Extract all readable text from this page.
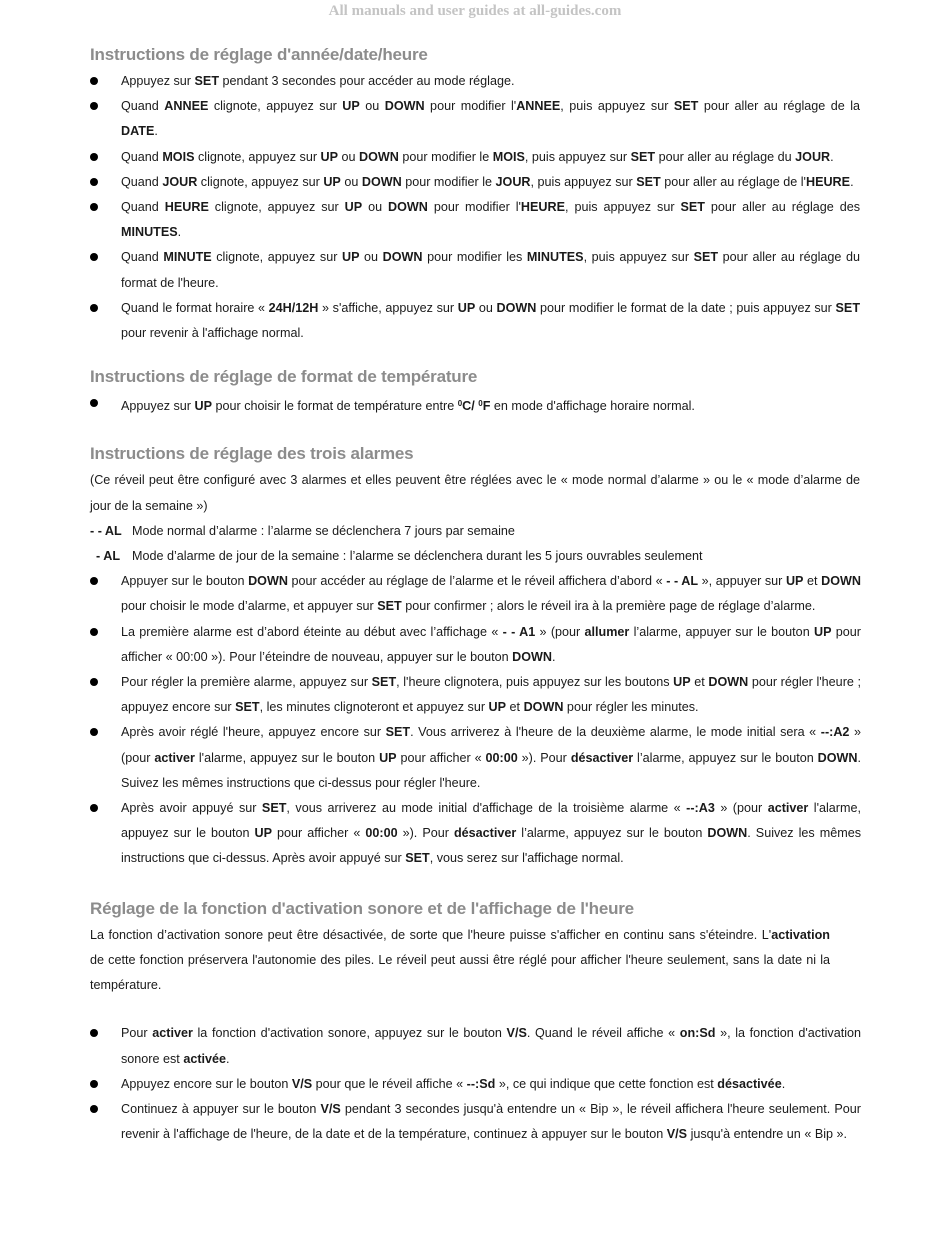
All manuals and user guides at all-guides.com
Instructions de réglage d'année/date/heure
Appuyez sur SET pendant 3 secondes pour accéder au mode réglage.
Quand ANNEE clignote, appuyez sur UP ou DOWN pour modifier l'ANNEE, puis appuyez sur SET pour aller au réglage de la DATE.
Quand MOIS clignote, appuyez sur UP ou DOWN pour modifier le MOIS, puis appuyez sur SET pour aller au réglage du JOUR.
Quand JOUR clignote, appuyez sur UP ou DOWN pour modifier le JOUR, puis appuyez sur SET pour aller au réglage de l'HEURE.
Quand HEURE clignote, appuyez sur UP ou DOWN pour modifier l'HEURE, puis appuyez sur SET pour aller au réglage des MINUTES.
Quand MINUTE clignote, appuyez sur UP ou DOWN pour modifier les MINUTES, puis appuyez sur SET pour aller au réglage du format de l'heure.
Quand le format horaire « 24H/12H » s'affiche, appuyez sur UP ou DOWN pour modifier le format de la date ; puis appuyez sur SET pour revenir à l'affichage normal.
Instructions de réglage de format de température
Appuyez sur UP pour choisir le format de température entre $^0$C/ $^0$F en mode d'affichage horaire normal.
Instructions de réglage des trois alarmes

(Ce réveil peut être configuré avec 3 alarmes et elles peuvent être réglées avec le « mode normal d’alarme » ou le « mode d’alarme de jour de la semaine »)

- - AL Mode normal d’alarme : l’alarme se déclenchera 7 jours par semaine
- AL Mode d’alarme de jour de la semaine : l’alarme se déclenchera durant les 5 jours ouvrables seulement
Appuyer sur le bouton DOWN pour accéder au réglage de l’alarme et le réveil affichera d’abord « - - AL », appuyer sur UP et DOWN pour choisir le mode d’alarme, et appuyer sur SET pour confirmer ; alors le réveil ira à la première page de réglage d’alarme.
La première alarme est d’abord éteinte au début avec l’affichage « - - A1 » (pour allumer l’alarme, appuyer sur le bouton UP pour afficher « 00:00 »). Pour l’éteindre de nouveau, appuyer sur le bouton DOWN.
Pour régler la première alarme, appuyez sur SET, l'heure clignotera, puis appuyez sur les boutons UP et DOWN pour régler l'heure ; appuyez encore sur SET, les minutes clignoteront et appuyez sur UP et DOWN pour régler les minutes.
Après avoir réglé l'heure, appuyez encore sur SET. Vous arriverez à l'heure de la deuxième alarme, le mode initial sera « --:A2 » (pour activer l'alarme, appuyez sur le bouton UP pour afficher « 00:00 »). Pour désactiver l’alarme, appuyez sur le bouton DOWN. Suivez les mêmes instructions que ci-dessus pour régler l'heure.
Après avoir appuyé sur SET, vous arriverez au mode initial d'affichage de la troisième alarme « --:A3 » (pour activer l'alarme, appuyez sur le bouton UP pour afficher « 00:00 »). Pour désactiver l’alarme, appuyez sur le bouton DOWN. Suivez les mêmes instructions que ci-dessus. Après avoir appuyé sur SET, vous serez sur l'affichage normal.
Réglage de la fonction d'activation sonore et de l'affichage de l'heure

La fonction d’activation sonore peut être désactivée, de sorte que l'heure puisse s'afficher en continu sans s'éteindre. L'activation de cette fonction préservera l'autonomie des piles. Le réveil peut aussi être réglé pour afficher l'heure seulement, sans la date ni la température.

Pour activer la fonction d'activation sonore, appuyez sur le bouton V/S. Quand le réveil affiche « on:Sd », la fonction d'activation sonore est activée.
Appuyez encore sur le bouton V/S pour que le réveil affiche « --:Sd », ce qui indique que cette fonction est désactivée.
Continuez à appuyer sur le bouton V/S pendant 3 secondes jusqu'à entendre un « Bip », le réveil affichera l'heure seulement. Pour revenir à l'affichage de l'heure, de la date et de la température, continuez à appuyer sur le bouton V/S jusqu'à entendre un « Bip ».
